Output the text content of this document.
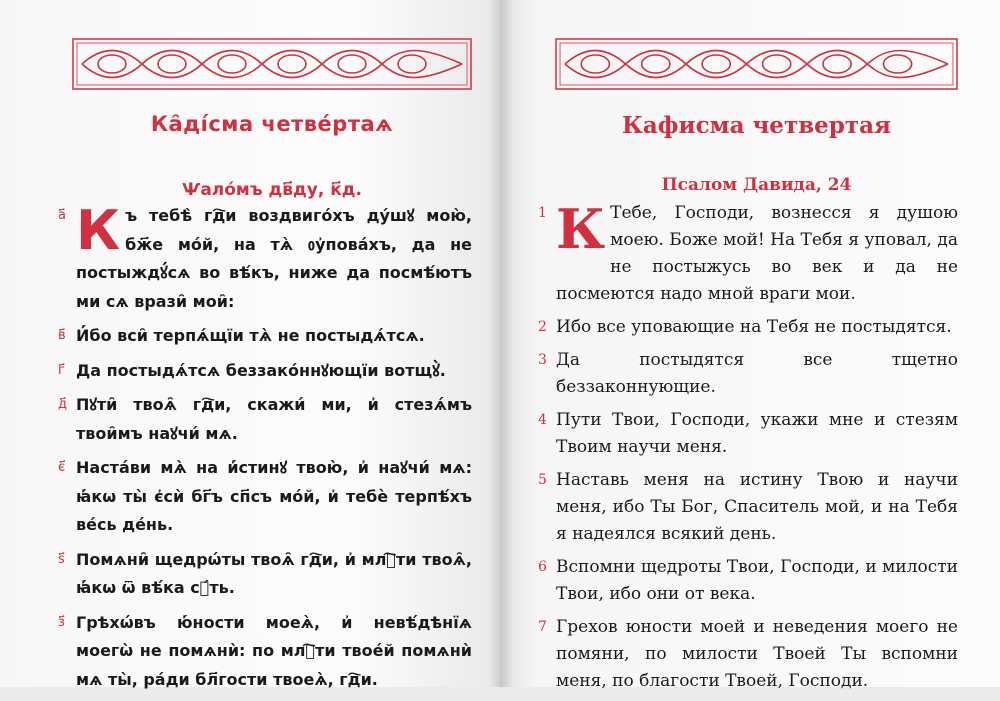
Ка̑ді́сма четве́ртаѧ
Ѱало́мъ дв҃ду, к҃д.
а҃ Къ тебѣ̀ гд҇и воздвиго́хъ ду́шꙋ мою̀, бж҃е мо́й, на тѧ̀ ᲂу҆пова́хъ, да не постыждꙋ́сѧ во вѣ́къ, ниже да посмѣ́ютъ ми сѧ врази̑ мои̑:
в҃ И҆́бо вси̑ терпѧ́щїи тѧ̀ не постыдѧ́тсѧ.
г҃ Да постыдѧ́тсѧ беззако́ннꙋющїи вотщꙋ̀.
д҃ Пꙋти̑ твоѧ̑ гд҇и, скажи́ ми, и҆ стезѧ́мъ твои̑мъ наꙋчи́ мѧ.
є҃ Наста́ви мѧ̀ на и҆́стинꙋ твою̀, и҆ наꙋчи́ мѧ: ꙗ҆́кѡ ты̀ є҆сѝ бг҃ъ сп҃съ мо́й, и҆ тебѐ терпѣ́хъ ве́сь де́нь.
ѕ҃ Помѧни̑ щедрѡ́ты твоѧ̑ гд҇и, и҆ млⷭ҇ти твоѧ̑, ꙗ҆́кѡ ѿ вѣ́ка сꙋ́ть.
з҃ Грѣхѡ́въ ю҆́ности моеѧ̀, и҆ невѣ́дѣнїѧ моегѡ̀ не помѧнѝ: по млⷭ҇ти твое́й помѧнѝ мѧ ты̀, ра́ди бл҃гости твоеѧ̀, гд҇и.
Кафисма четвертая
Псалом Давида, 24
1 К Тебе, Господи, вознесся я душою моею. Боже мой! На Тебя я уповал, да не постыжусь во век и да не посмеются надо мной враги мои.
2 Ибо все уповающие на Тебя не постыдятся.
3 Да постыдятся все тщетно беззаконнующие.
4 Пути Твои, Господи, укажи мне и стезям Твоим научи меня.
5 Наставь меня на истину Твою и научи меня, ибо Ты Бог, Спаситель мой, и на Тебя я надеялся всякий день.
6 Вспомни щедроты Твои, Господи, и милости Твои, ибо они от века.
7 Грехов юности моей и неведения моего не помяни, по милости Твоей Ты вспомни меня, по благости Твоей, Господи.
